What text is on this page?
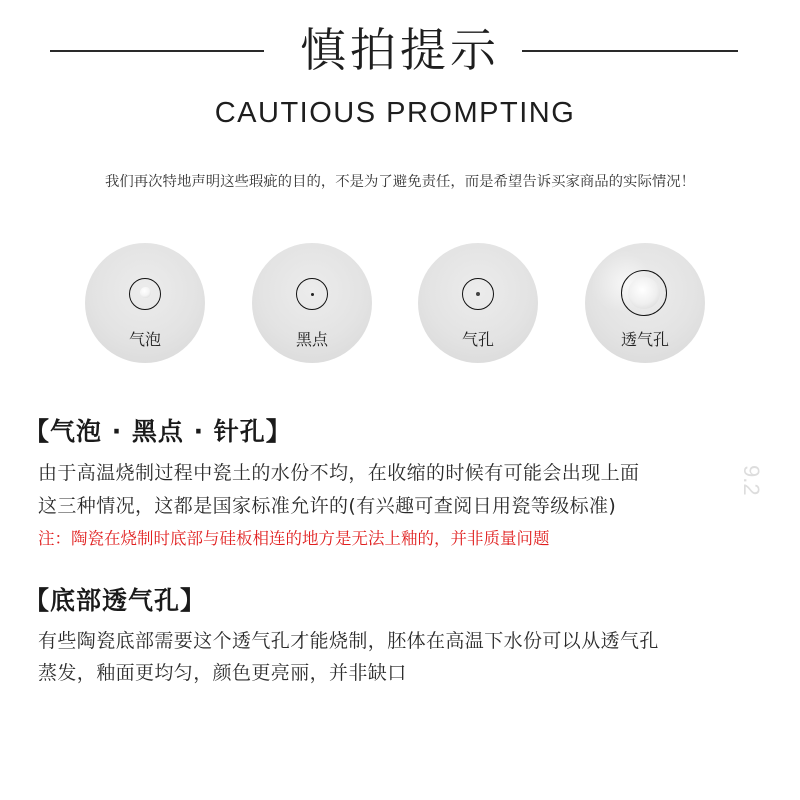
慎拍提示
CAUTIOUS PROMPTING
我们再次特地声明这些瑕疵的目的，不是为了避免责任，而是希望告诉买家商品的实际情况！
气泡	黑点	气孔	透气孔
【气泡 · 黑点 · 针孔】
由于高温烧制过程中瓷土的水份不均，在收缩的时候有可能会出现上面
这三种情况，这都是国家标准允许的(有兴趣可查阅日用瓷等级标准)
注：陶瓷在烧制时底部与硅板相连的地方是无法上釉的，并非质量问题
9.2
【底部透气孔】
有些陶瓷底部需要这个透气孔才能烧制，胚体在高温下水份可以从透气孔
蒸发，釉面更均匀，颜色更亮丽，并非缺口
